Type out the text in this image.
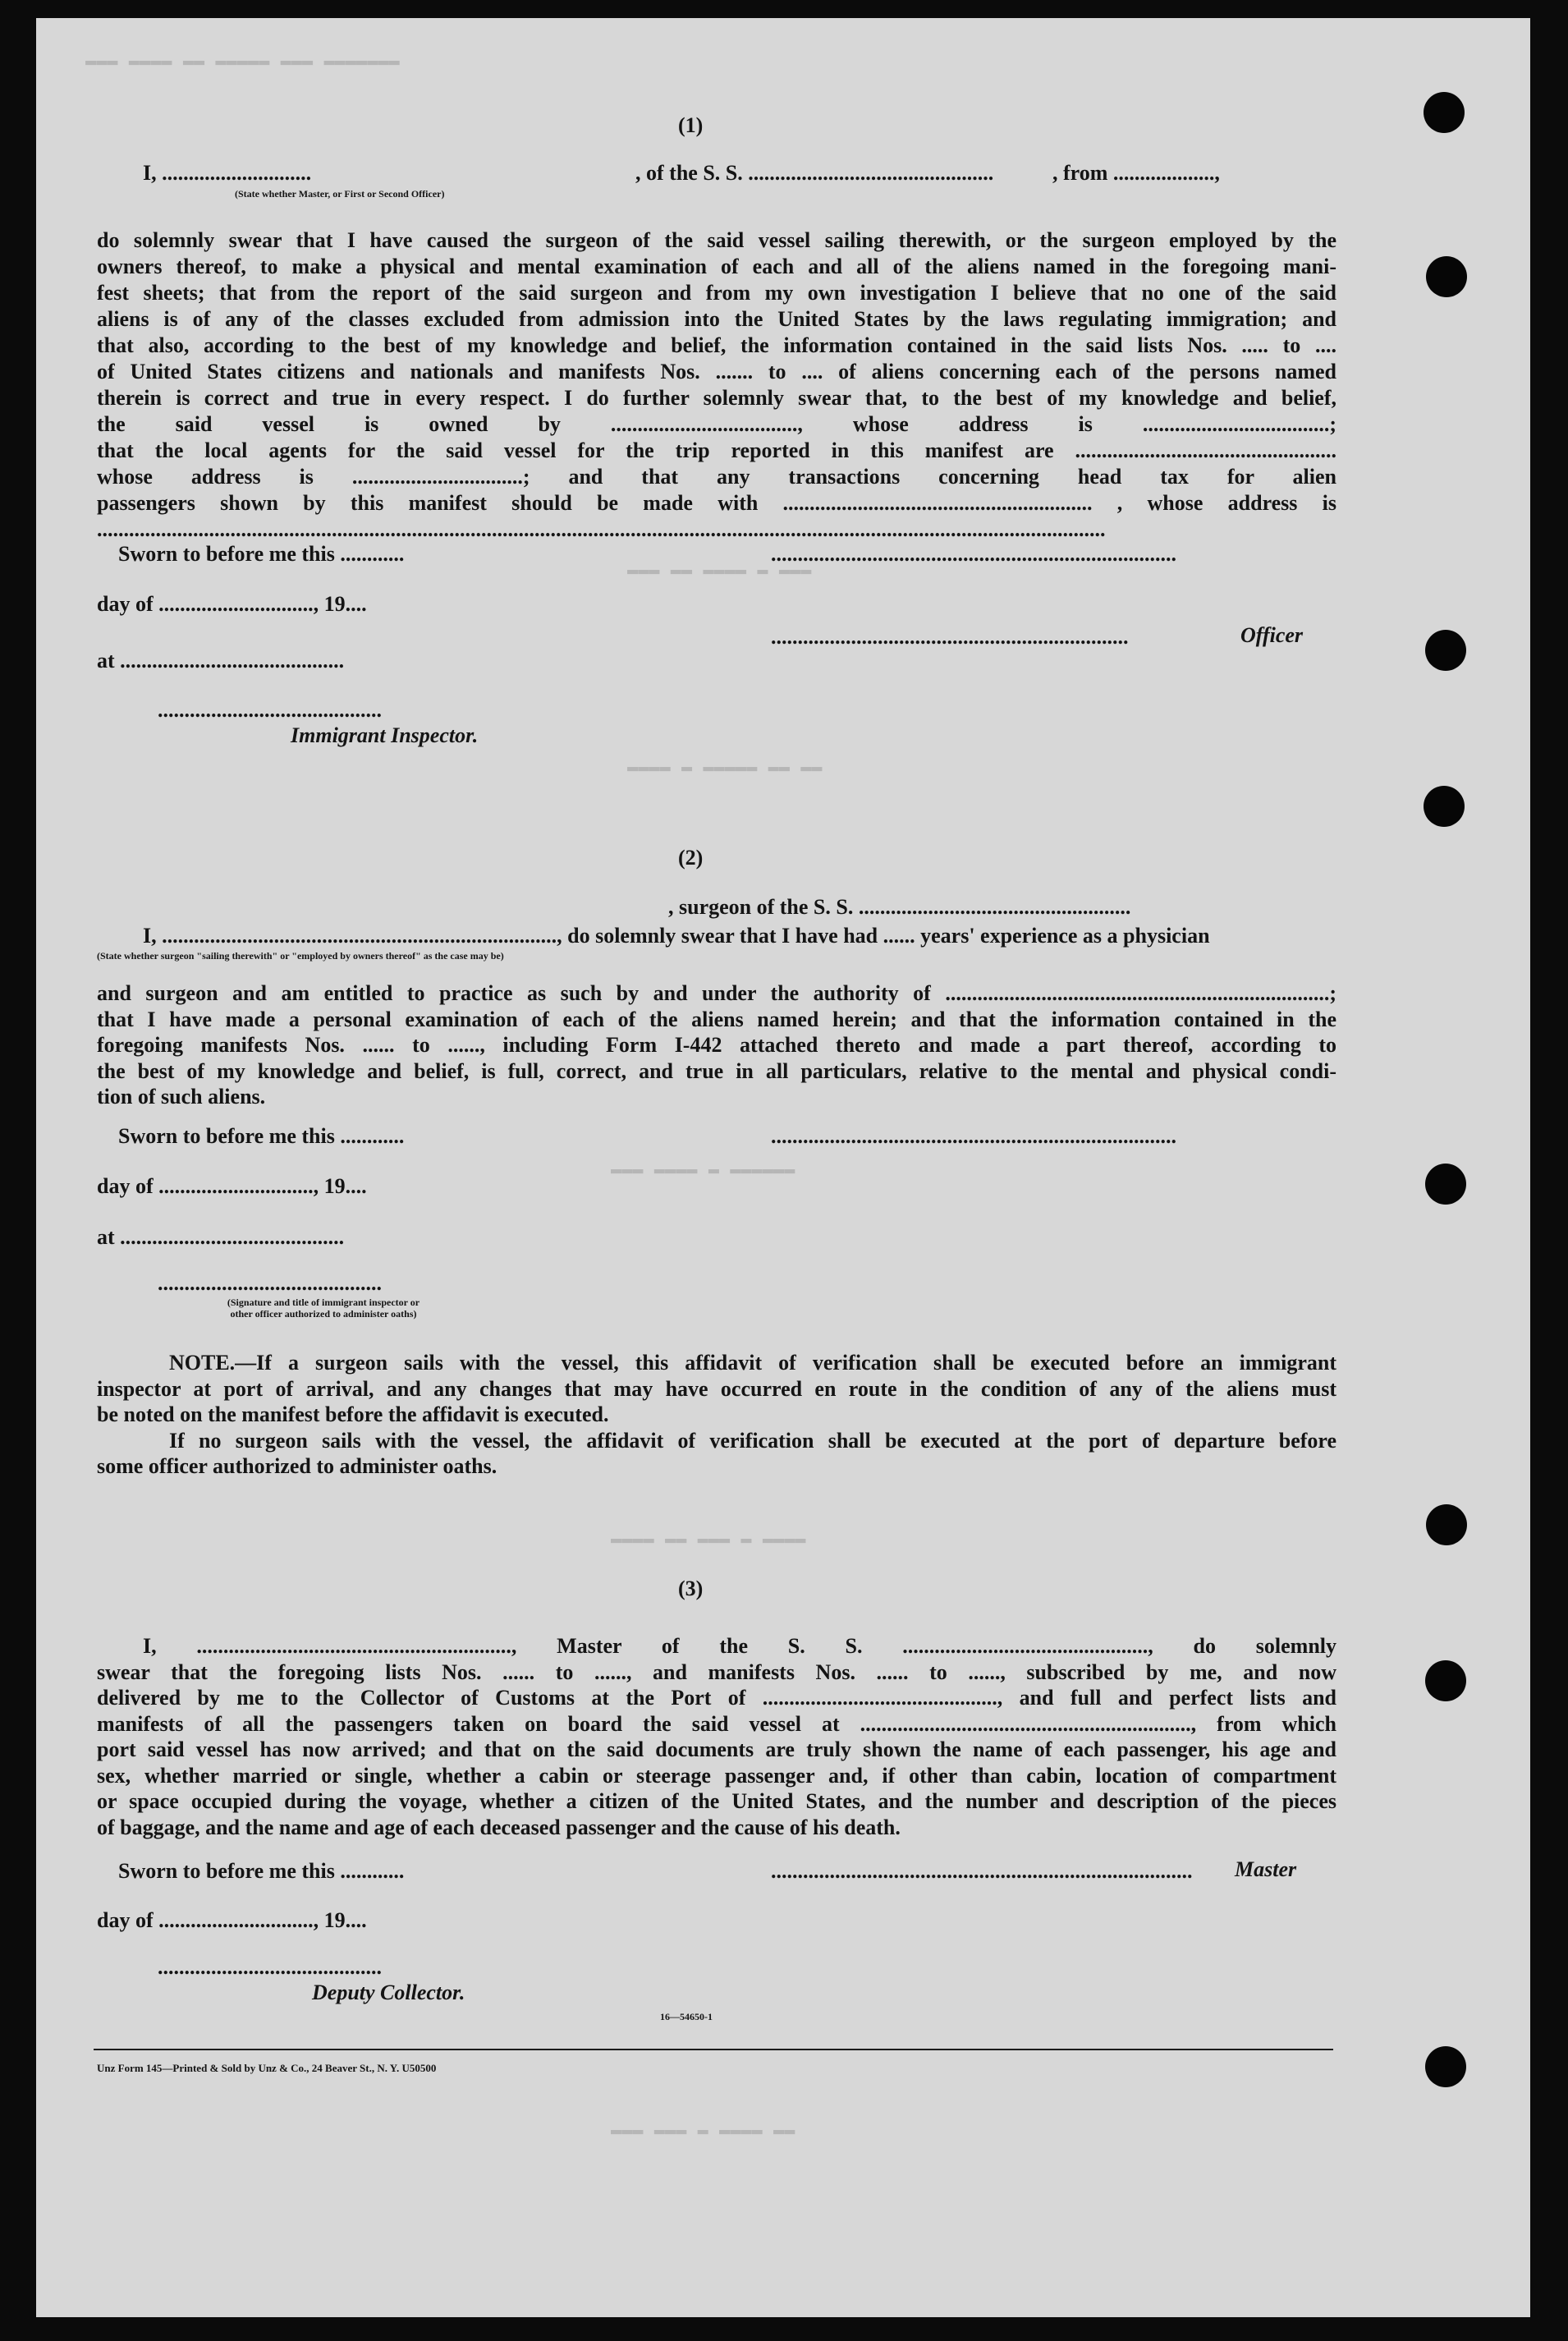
▬▬▬ ▬▬▬▬ ▬▬ ▬▬▬▬▬ ▬▬▬ ▬▬▬▬▬▬▬
▬▬▬ ▬▬ ▬▬▬▬ ▬ ▬▬▬
▬▬▬▬ ▬ ▬▬▬▬▬ ▬▬ ▬▬
▬▬▬ ▬▬▬▬ ▬ ▬▬▬▬▬▬
▬▬▬▬ ▬▬ ▬▬▬ ▬ ▬▬▬▬
▬▬▬ ▬▬▬ ▬ ▬▬▬▬ ▬▬
(1)
I, ............................	, of the S. S. ..............................................	, from ...................,
(State whether Master, or First or Second Officer)
do solemnly swear that I have caused the surgeon of the said vessel sailing therewith, or the surgeon employed by the
owners thereof, to make a physical and mental examination of each and all of the aliens named in the foregoing mani-
fest sheets; that from the report of the said surgeon and from my own investigation I believe that no one of the said
aliens is of any of the classes excluded from admission into the United States by the laws regulating immigration; and
that also, according to the best of my knowledge and belief, the information contained in the said lists Nos. ..... to ....
of United States citizens and nationals and manifests Nos. ....... to .... of aliens concerning each of the persons named
therein is correct and true in every respect. I do further solemnly swear that, to the best of my knowledge and belief,
the said vessel is owned by ..................................., whose address is ...................................;
that the local agents for the said vessel for the trip reported in this manifest are .................................................
whose address is ................................; and that any transactions concerning head tax for alien
passengers shown by this manifest should be made with .......................................................... , whose address is
.............................................................................................................................................................................................
Sworn to before me this ............	............................................................................
day of ............................., 19....
...................................................................	Officer
at ..........................................
..........................................
Immigrant Inspector.
(2)
I, .........................................................................., do solemnly swear that I have had ...... years' experience as a physician
, surgeon of the S. S. ...................................................
(State whether surgeon "sailing therewith" or "employed by owners thereof" as the case may be)
and surgeon and am entitled to practice as such by and under the authority of ........................................................................;
that I have made a personal examination of each of the aliens named herein; and that the information contained in the
foregoing manifests Nos. ...... to ......, including Form I-442 attached thereto and made a part thereof, according to
the best of my knowledge and belief, is full, correct, and true in all particulars, relative to the mental and physical condi-
tion of such aliens.
Sworn to before me this ............	............................................................................
day of ............................., 19....
at ..........................................
..........................................
(Signature and title of immigrant inspector or
other officer authorized to administer oaths)
NOTE.—If a surgeon sails with the vessel, this affidavit of verification shall be executed before an immigrant
inspector at port of arrival, and any changes that may have occurred en route in the condition of any of the aliens must
be noted on the manifest before the affidavit is executed.
If no surgeon sails with the vessel, the affidavit of verification shall be executed at the port of departure before
some officer authorized to administer oaths.
(3)
I, ..........................................................., Master of the S. S. .............................................., do solemnly
swear that the foregoing lists Nos. ...... to ......, and manifests Nos. ...... to ......, subscribed by me, and now
delivered by me to the Collector of Customs at the Port of ............................................, and full and perfect lists and
manifests of all the passengers taken on board the said vessel at .............................................................., from which
port said vessel has now arrived; and that on the said documents are truly shown the name of each passenger, his age and
sex, whether married or single, whether a cabin or steerage passenger and, if other than cabin, location of compartment
or space occupied during the voyage, whether a citizen of the United States, and the number and description of the pieces
of baggage, and the name and age of each deceased passenger and the cause of his death.
Sworn to before me this ............	............................................................................... Master
day of ............................., 19....
..........................................
Deputy Collector.
16—54650-1
Unz Form 145—Printed & Sold by Unz & Co., 24 Beaver St., N. Y. U50500
